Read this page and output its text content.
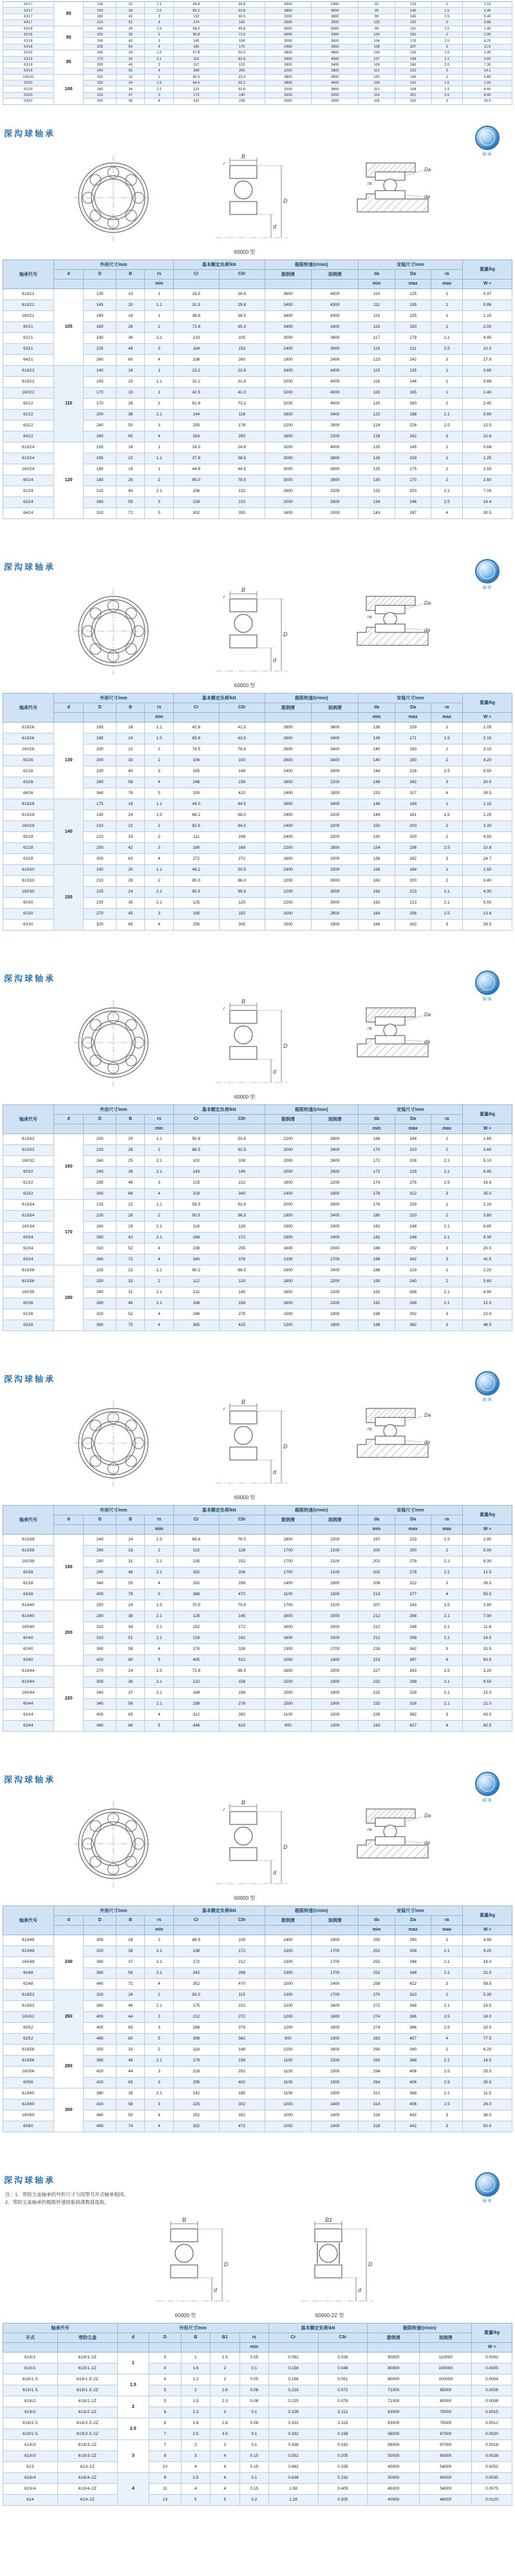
6017	85	130	22	1.1	49.8	39.8	4300	5300	92	123	1	1.15
6217		150	28	1.5	83.2	63.8	3800	4500	95	140	1.5	2.45
6317		180	41	3	132	96.5	3200	3800	99	166	2.5	5.40
6417		210	52	4	174	160	2600	3200	103	192	3	9.98
6018	90	140	24	1.5	58.0	49.8	4000	5000	99	131	1.5	1.40
6218		160	30	2	95.8	71.5	3600	4300	100	150	2	2.95
6318		190	43	3	145	108	3000	3600	104	176	2.5	6.25
6418		225	54	4	186	175	2400	3000	108	207	3	11.9
6019	95	145	24	1.5	57.8	50.0	3800	4800	104	136	1.5	1.45
6219		170	32	2.1	110	82.8	3400	4000	107	158	2.1	3.55
6319		200	45	3	157	122	2800	3400	109	186	2.5	7.30
6419		240	55	4	208	205	2200	2800	113	222	3	14.1
16020	100	150	16	1	35.5	33.9	3800	4500	105	145	1	0.89
6020		150	24	1.5	64.5	56.2	3800	4500	109	141	1.5	1.55
6220		180	34	2.1	122	92.8	3200	3800	112	168	2.1	4.00
6320		215	47	3	173	140	2600	3200	114	201	2.5	8.90
6420		250	58	4	222	238	2000	2600	118	232	3	15.9
深沟球轴承
轴承
B
D
d
r
60000 型
Da
da
ra
轴承代号	外形尺寸/mm				基本额定负荷/kN		极限转速/(r/min)		安装尺寸/mm			重量/kg
	d	D	B	rs	Cr	C0r	脂润滑	油润滑	da	Da	ra	
				min					min	max	max	W ≈
61821	105	130	13	1	19.5	18.6	3600	4500	110	125	1	0.37
61921		145	20	1.1	31.5	29.8	3400	4300	111	139	1	0.86
16021		160	18	1	38.8	36.5	3400	4300	110	155	1	1.15
6021		160	26	2	72.8	65.3	3400	4300	115	150	2	2.00
6221		190	36	2.1	133	105	3000	3600	117	178	2.1	4.90
6321		225	49	3	184	153	2400	3000	119	211	2.5	10.3
6421		260	60	4	238	260	1900	2400	123	242	3	17.9
61822	110	140	16	1	23.2	22.8	3400	4300	115	135	1	0.60
61922		150	20	1.1	32.2	31.8	3200	4000	116	144	1	0.89
16022		170	19	1	42.5	41.0	3200	4000	115	165	1	1.40
6022		170	28	2	81.8	73.2	3200	4000	120	160	2	2.45
6222		200	38	2.1	144	118	2800	3400	122	188	2.1	5.80
6322		240	50	3	205	178	2200	2800	124	226	2.5	12.5
6422		280	65	4	263	295	1800	2200	128	262	3	22.6
61824	120	150	16	1	24.0	24.8	3200	4000	125	145	1	0.64
61924		165	22	1.1	37.8	38.5	3000	3800	126	159	1	1.25
16024		180	19	1	44.8	44.5	3000	3800	125	175	1	1.50
6024		180	28	2	85.0	79.5	3000	3800	130	170	2	2.60
6224		215	40	2.1	156	132	2600	3200	132	203	2.1	7.00
6324		260	55	3	228	210	2000	2600	134	246	2.5	16.4
6424		310	72	5	302	355	1600	2000	143	287	4	30.5
深沟球轴承
轴承
B
D
d
r
60000 型
Da
da
ra
轴承代号	外形尺寸/mm				基本额定负荷/kN		极限转速/(r/min)		安装尺寸/mm			重量/kg
	d	D	B	rs	Cr	C0r	脂润滑	油润滑	da	Da	ra	
				min					min	max	max	W ≈
61826	130	165	18	1.1	42.8	41.5	2800	3600	136	159	1	1.05
61926		180	24	1.5	65.8	63.5	2600	3400	139	171	1.5	2.10
16026		200	22	2	79.5	78.8	2600	3400	140	190	2	3.10
6026		200	33	2	106	100	2600	3400	140	190	2	4.20
6226		230	40	3	165	148	2400	3000	144	216	2.5	8.50
6326		280	58	4	248	238	1800	2200	148	262	3	20.0
6426		340	78	5	330	410	1400	1800	153	317	4	39.5
61828	140	175	18	1.1	44.0	44.5	2600	3400	146	169	1	1.15
61928		190	24	1.5	68.2	68.0	2400	3200	149	181	1.5	2.25
16028		210	22	2	82.5	84.5	2400	3200	150	200	2	3.30
6028		210	33	2	111	108	2400	3200	150	200	2	4.50
6228		250	42	3	180	168	2200	2800	154	236	2.5	10.8
6328		300	62	4	272	272	1600	2000	158	282	3	24.7
61830	150	190	20	1.1	49.2	50.5	2400	3200	156	184	1	1.50
61930		210	28	2	85.0	86.0	2200	3000	160	200	2	3.40
16030		225	24	2.1	95.5	99.8	2200	3000	162	213	2.1	4.30
6030		225	35	2.1	125	125	2200	3000	162	213	2.1	5.50
6230		270	45	3	195	192	2000	2600	164	256	2.5	13.6
6330		320	65	4	295	305	1500	1900	168	302	3	29.5
深沟球轴承
轴承
B
D
d
r
60000 型
Da
da
ra
轴承代号	外形尺寸/mm				基本额定负荷/kN		极限转速/(r/min)		安装尺寸/mm			重量/kg
	d	D	B	rs	Cr	C0r	脂润滑	油润滑	da	Da	ra	
				min					min	max	max	W ≈
61832	160	200	20	1.1	50.8	53.8	2200	2800	166	194	1	1.60
61932		220	28	2	88.5	91.5	2000	2600	170	210	2	3.60
16032		240	25	2.1	102	108	2000	2600	172	228	2.1	5.10
6032		240	38	2.1	143	145	2000	2600	172	228	2.1	6.90
6232		290	48	3	215	222	1800	2200	174	276	2.5	16.8
6332		340	68	4	318	340	1400	1800	178	322	3	35.0
61834	170	215	22	1.1	58.5	62.8	2000	2600	176	209	1	2.10
61934		230	28	2	90.5	96.5	1900	2400	180	220	2	3.80
16034		260	28	2.1	118	128	1900	2400	182	248	2.1	6.80
6034		260	42	2.1	168	172	1900	2400	182	248	2.1	9.30
6234		310	52	4	238	255	1600	2000	188	292	3	20.5
6334		360	72	4	340	378	1300	1700	188	342	3	41.5
61836	180	225	22	1.1	60.2	66.5	1900	2400	186	219	1	2.20
61936		250	33	2	112	120	1800	2200	190	240	2	5.60
16036		280	31	2.1	132	145	1800	2200	192	268	2.1	8.90
6036		280	46	2.1	188	198	1800	2200	192	268	2.1	12.0
6236		320	52	4	248	275	1500	1900	198	302	3	22.0
6336		380	75	4	365	425	1200	1600	198	362	3	48.5
深沟球轴承
轴承
B
D
d
r
60000 型
Da
da
ra
轴承代号	外形尺寸/mm				基本额定负荷/kN		极限转速/(r/min)		安装尺寸/mm			重量/kg
	d	D	B	rs	Cr	C0r	脂润滑	油润滑	da	Da	ra	
				min					min	max	max	W ≈
61838	190	240	24	1.5	68.8	76.5	1800	2200	197	233	1.5	2.80
61938		260	33	2	115	128	1700	2100	200	250	2	5.90
16038		290	31	2.1	135	152	1700	2100	202	278	2.1	9.30
6038		290	46	2.1	192	208	1700	2100	202	278	2.1	12.5
6238		340	55	4	262	298	1400	1800	208	322	3	26.5
6338		400	78	5	388	470	1100	1500	213	377	4	55.5
61840	200	250	24	1.5	70.0	79.8	1700	2100	207	243	1.5	2.90
61940		280	38	2.1	128	145	1600	2000	212	268	2.1	7.90
16040		310	34	2.1	152	172	1600	2000	212	298	2.1	11.8
6040		310	51	2.1	218	242	1600	2000	212	298	2.1	16.0
6240		360	58	4	278	328	1300	1700	218	342	3	31.5
6340		420	80	5	405	512	1000	1400	223	397	4	63.5
61844	220	270	24	1.5	72.8	86.5	1600	2000	227	263	1.5	3.20
61944		300	38	2.1	132	158	1500	1900	232	288	2.1	8.50
16044		340	37	2.1	168	198	1500	1900	232	328	2.1	15.0
6044		340	56	2.1	238	278	1500	1900	232	328	2.1	21.0
6244		400	65	4	312	392	1100	1500	238	382	3	43.5
6344		460	88	5	448	615	900	1300	243	437	4	82.5
深沟球轴承
轴承
B
D
d
r
60000 型
Da
da
ra
轴承代号	外形尺寸/mm				基本额定负荷/kN		极限转速/(r/min)		安装尺寸/mm			重量/kg
	d	D	B	rs	Cr	C0r	脂润滑	油润滑	da	Da	ra	
				min					min	max	max	W ≈
61848	240	300	28	2	88.5	105	1400	1800	250	290	2	4.90
61948		320	38	2.1	138	172	1300	1700	252	308	2.1	9.20
16048		360	37	2.1	172	212	1300	1700	252	348	2.1	16.0
6048		360	56	2.1	242	298	1300	1700	252	348	2.1	22.5
6248		440	72	4	352	470	1000	1400	258	422	3	58.5
61852	260	320	28	2	92.0	115	1300	1700	270	310	2	5.30
61952		360	46	2.1	175	222	1200	1600	272	348	2.1	15.5
16052		400	44	3	212	272	1200	1600	274	386	2.5	24.0
6052		400	65	3	288	375	1200	1600	274	386	2.5	33.5
6252		480	80	5	398	562	900	1300	283	457	4	77.5
61856	280	350	33	2	118	148	1200	1600	290	340	2	8.20
61956		380	46	2.1	178	238	1100	1500	292	368	2.1	16.5
16056		420	44	3	218	292	1100	1500	294	406	2.5	25.5
6056		420	65	3	295	402	1100	1500	294	406	2.5	35.5
61860	300	380	38	2.1	142	185	1100	1500	312	368	2.1	11.5
61960		420	56	3	225	302	1000	1400	314	406	2.5	26.0
16060		460	50	4	252	352	1000	1400	318	442	3	36.0
6060		460	74	4	332	472	1000	1400	318	442	3	50.0
深沟球轴承
轴承
注：1．带防尘盖轴承的外形尺寸与同型号开式轴承相同。
2．带防尘盖轴承的极限转速按脂润滑数值选取。
B
D
d
60000 型
B1
D
d
60000-2Z 型
轴承代号		外形尺寸/mm					基本额定负荷/kN		极限转速/(r/min)		重量/kg
开式	带防尘盖	d	D	B	B1	rs	Cr	C0r	脂润滑	油润滑	
						min					W ≈
618/1	618/1-2Z	1	3	1	1.5	0.05	0.082	0.026	90000	110000	0.0002
619/1	619/1-2Z		4	1.6	2	0.1	0.158	0.048	80000	100000	0.0005
618/1.5	618/1.5-2Z	1.5	4	1.2	2	0.05	0.158	0.051	80000	100000	0.0004
619/1.5	619/1.5-2Z		5	2	2.6	0.08	0.218	0.072	71000	85000	0.0008
618/2	618/2-2Z	2	5	1.5	2.3	0.08	0.225	0.078	71000	85000	0.0008
619/2	619/2-2Z		6	2.3	3	0.1	0.328	0.112	63000	75000	0.0015
618/2.5	618/2.5-2Z	2.5	6	1.8	2.6	0.08	0.322	0.115	63000	75000	0.0012
619/2.5	619/2.5-2Z		7	2.5	3.5	0.1	0.432	0.158	56000	67000	0.0020
618/3	618/3-2Z	3	7	2	3	0.1	0.438	0.162	56000	67000	0.0018
619/3	619/3-2Z		8	3	4	0.15	0.552	0.205	50000	60000	0.0028
623	623-2Z		10	4	4	0.15	0.882	0.335	45000	54000	0.0052
618/4	618/4-2Z	4	9	2.5	4	0.1	0.638	0.232	50000	60000	0.0035
619/4	619/4-2Z		11	4	4	0.15	1.08	0.405	45000	54000	0.0075
624	624-2Z		13	5	5	0.2	1.28	0.505	40000	48000	0.0120
